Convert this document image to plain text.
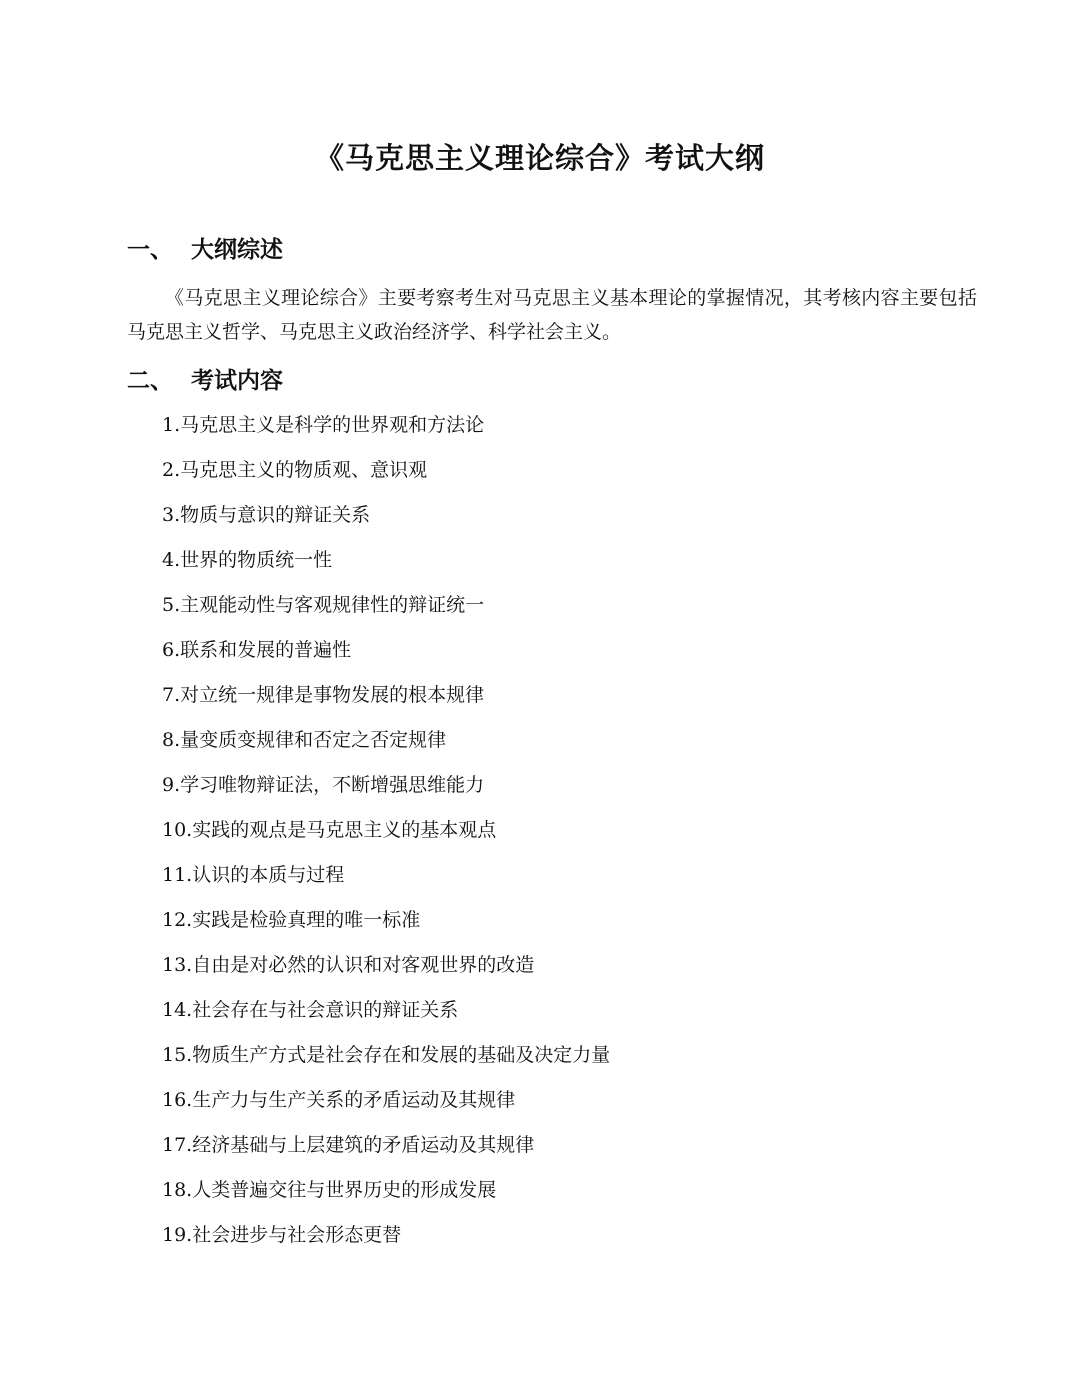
《马克思主义理论综合》考试大纲
一、 大纲综述
《马克思主义理论综合》主要考察考生对马克思主义基本理论的掌握情况，其考核内容主要包括马克思主义哲学、马克思主义政治经济学、科学社会主义。
二、 考试内容
1.马克思主义是科学的世界观和方法论
2.马克思主义的物质观、意识观
3.物质与意识的辩证关系
4.世界的物质统一性
5.主观能动性与客观规律性的辩证统一
6.联系和发展的普遍性
7.对立统一规律是事物发展的根本规律
8.量变质变规律和否定之否定规律
9.学习唯物辩证法，不断增强思维能力
10.实践的观点是马克思主义的基本观点
11.认识的本质与过程
12.实践是检验真理的唯一标准
13.自由是对必然的认识和对客观世界的改造
14.社会存在与社会意识的辩证关系
15.物质生产方式是社会存在和发展的基础及决定力量
16.生产力与生产关系的矛盾运动及其规律
17.经济基础与上层建筑的矛盾运动及其规律
18.人类普遍交往与世界历史的形成发展
19.社会进步与社会形态更替
